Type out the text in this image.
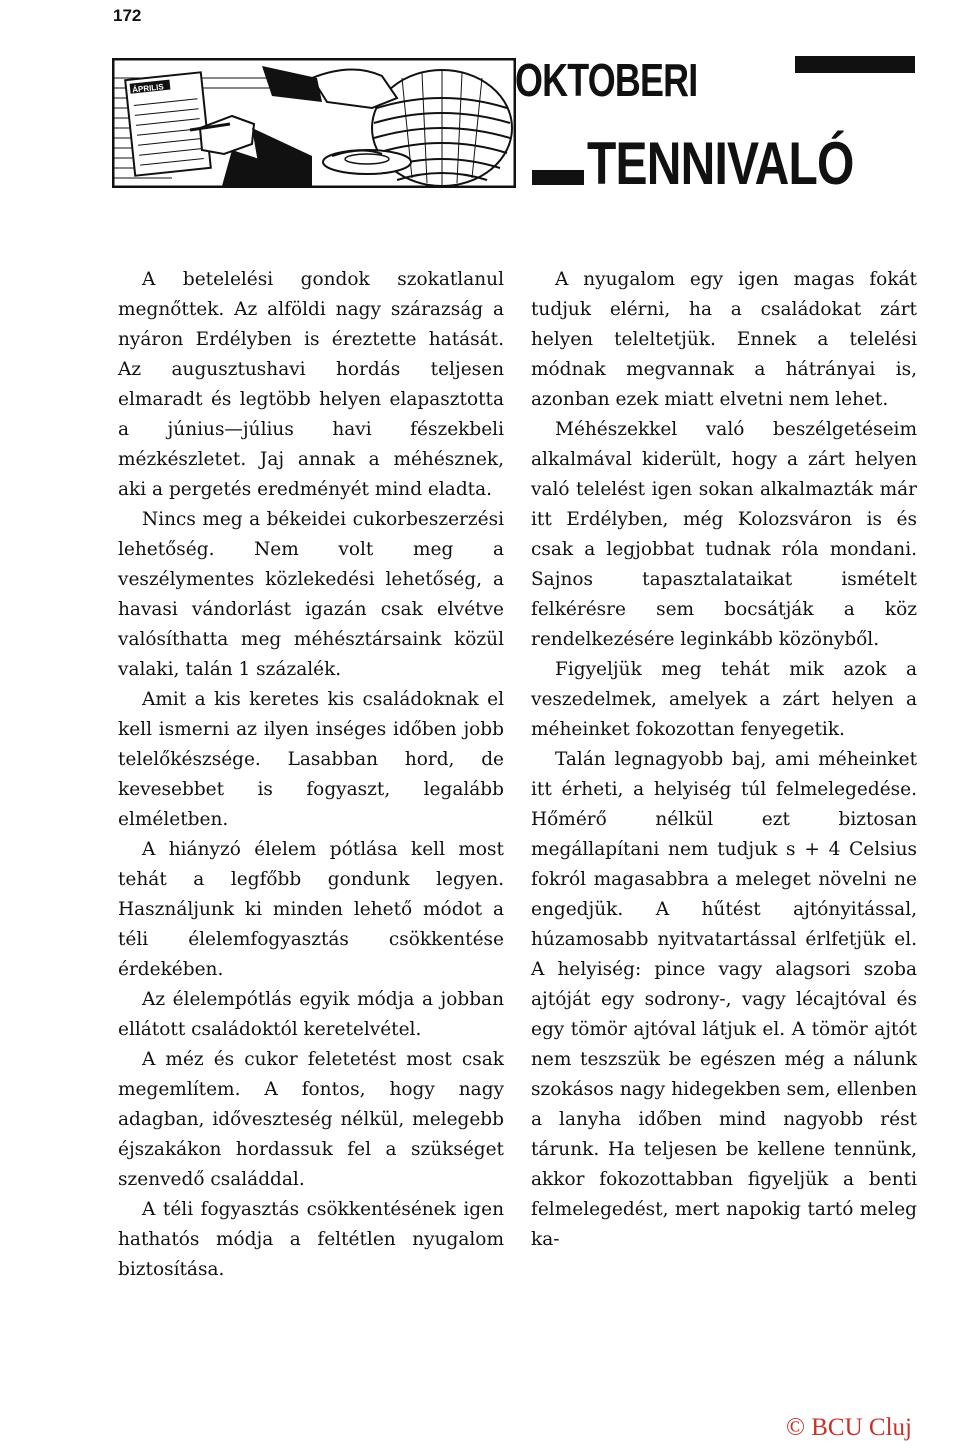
172
ÁPRILIS	OKTOBERI
TENNIVALÓ

A betelelési gondok szokatlanul megnőttek. Az alföldi nagy szárazság a nyáron Erdélyben is éreztette hatását. Az augusztushavi hordás teljesen elmaradt és legtöbb helyen elapasztotta a június—július havi fészekbeli mézkészletet. Jaj annak a méhésznek, aki a pergetés eredményét mind eladta.

Nincs meg a békeidei cukorbeszerzési lehetőség. Nem volt meg a veszélymentes közlekedési lehetőség, a havasi vándorlást igazán csak elvétve valósíthatta meg méhésztársaink közül valaki, talán 1 százalék.

Amit a kis keretes kis családoknak el kell ismerni az ilyen inséges időben jobb telelőkészsége. Lasabban hord, de kevesebbet is fogyaszt, legalább elméletben.

A hiányzó élelem pótlása kell most tehát a legfőbb gondunk legyen. Használjunk ki minden lehető módot a téli élelemfogyasztás csökkentése érdekében.

Az élelempótlás egyik módja a jobban ellátott családoktól keretelvétel.

A méz és cukor feletetést most csak megemlítem. A fontos, hogy nagy adagban, időveszteség nélkül, melegebb éjszakákon hordassuk fel a szükséget szenvedő családdal.

A téli fogyasztás csökkentésének igen hathatós módja a feltétlen nyugalom biztosítása.

A nyugalom egy igen magas fokát tudjuk elérni, ha a családokat zárt helyen teleltetjük. Ennek a telelési módnak megvannak a hátrányai is, azonban ezek miatt elvetni nem lehet.

Méhészekkel való beszélgetéseim alkalmával kiderült, hogy a zárt helyen való telelést igen sokan alkalmazták már itt Erdélyben, még Kolozsváron is és csak a legjobbat tudnak róla mondani. Sajnos tapasztalataikat ismételt felkérésre sem bocsátják a köz rendelkezésére leginkább közönyből.

Figyeljük meg tehát mik azok a veszedelmek, amelyek a zárt helyen a méheinket fokozottan fenyegetik.

Talán legnagyobb baj, ami méheinket itt érheti, a helyiség túl felmelegedése. Hőmérő nélkül ezt biztosan megállapítani nem tudjuk s + 4 Celsius fokról magasabbra a meleget növelni ne engedjük. A hűtést ajtónyitással, húzamosabb nyitvatartással érlfetjük el. A helyiség: pince vagy alagsori szoba ajtóját egy sodrony-, vagy lécajtóval és egy tömör ajtóval látjuk el. A tömör ajtót nem teszszük be egészen még a nálunk szokásos nagy hidegekben sem, ellenben a lanyha időben mind nagyobb rést tárunk. Ha teljesen be kellene tennünk, akkor fokozottabban figyeljük a benti felmelegedést, mert napokig tartó meleg ka-

© BCU Cluj
